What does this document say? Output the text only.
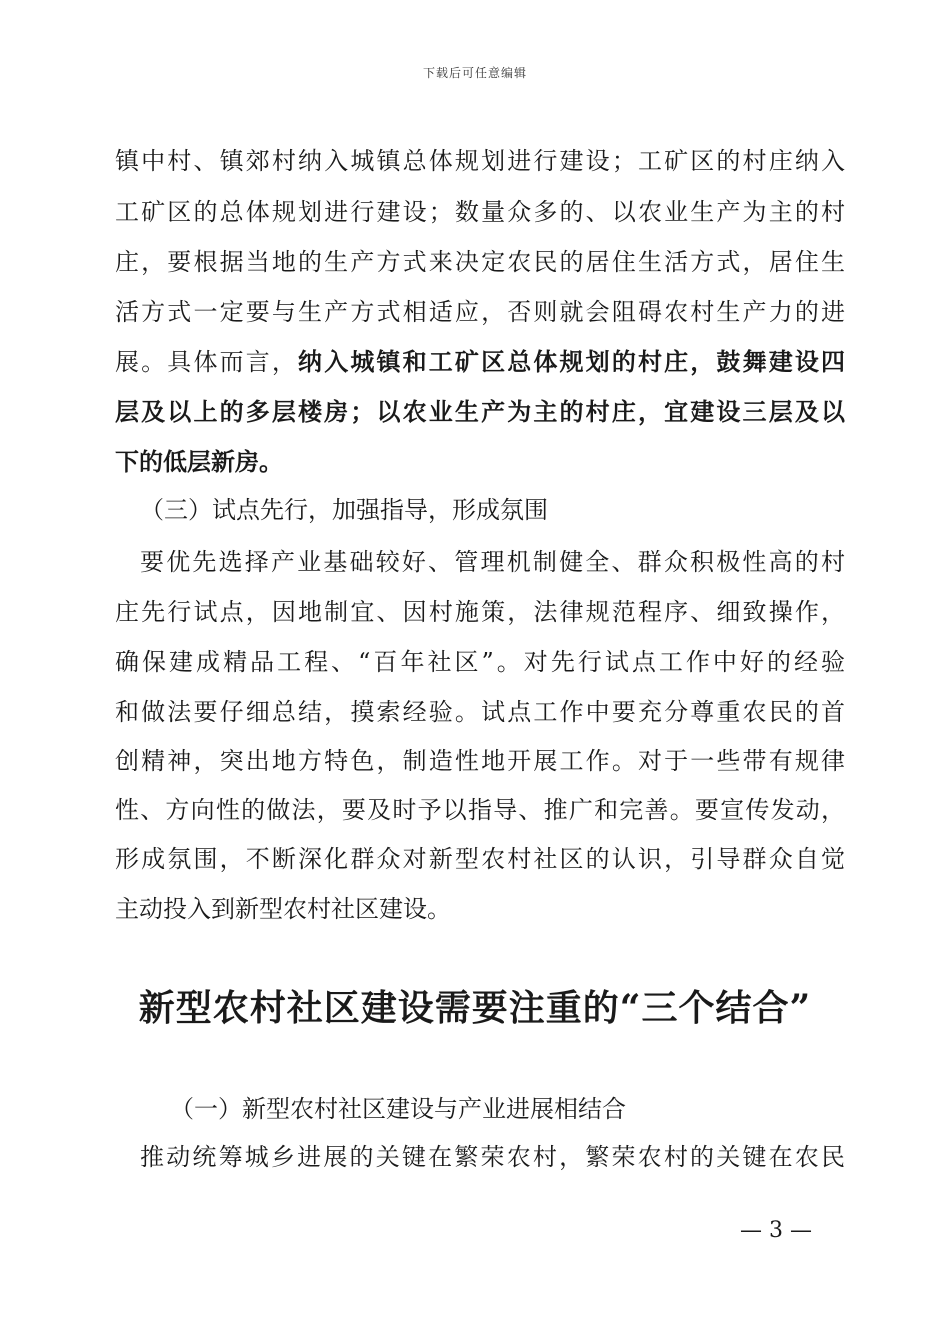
下载后可任意编辑
镇中村、镇郊村纳入城镇总体规划进行建设；工矿区的村庄纳入
工矿区的总体规划进行建设；数量众多的、以农业生产为主的村
庄，要根据当地的生产方式来决定农民的居住生活方式，居住生
活方式一定要与生产方式相适应，否则就会阻碍农村生产力的进
展。具体而言，纳入城镇和工矿区总体规划的村庄，鼓舞建设四
层及以上的多层楼房；以农业生产为主的村庄，宜建设三层及以
下的低层新房。
（三）试点先行，加强指导，形成氛围
要优先选择产业基础较好、管理机制健全、群众积极性高的村
庄先行试点，因地制宜、因村施策，法律规范程序、细致操作，
确保建成精品工程、“百年社区”。对先行试点工作中好的经验
和做法要仔细总结，摸索经验。试点工作中要充分尊重农民的首
创精神，突出地方特色，制造性地开展工作。对于一些带有规律
性、方向性的做法，要及时予以指导、推广和完善。要宣传发动，
形成氛围，不断深化群众对新型农村社区的认识，引导群众自觉
主动投入到新型农村社区建设。
新型农村社区建设需要注重的“三个结合”
（一）新型农村社区建设与产业进展相结合
推动统筹城乡进展的关键在繁荣农村，繁荣农村的关键在农民
— 3 —
